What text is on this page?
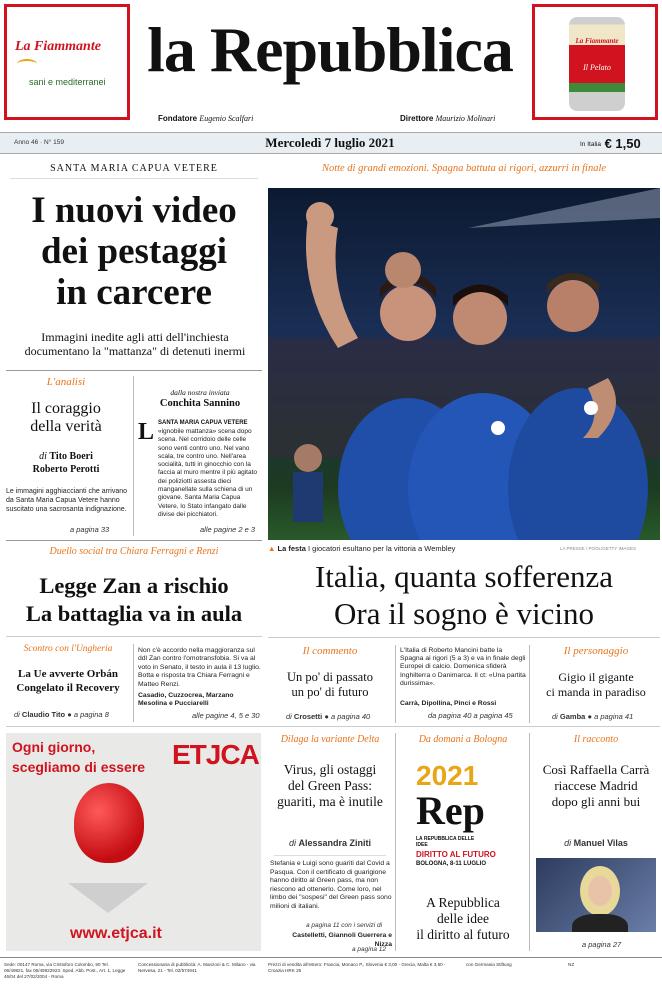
La Fiammante
sani e mediterranei la Repubblica
Fondatore Eugenio Scalfari	Direttore Maurizio Molinari
La Fiammante
Il Pelato
Anno 46 · N° 159	Mercoledì 7 luglio 2021	In Italia € 1,50
SANTA MARIA CAPUA VETERE
I nuovi video
dei pestaggi
in carcere
Immagini inedite agli atti dell'inchiesta documentano la "mattanza" di detenuti inermi
L'analisi
Il coraggio
della verità
di Tito Boeri
Roberto Perotti
Le immagini agghiaccianti che arrivano da Santa Maria Capua Vetere hanno suscitato una sacrosanta indignazione.
a pagina 33
dalla nostra inviata
Conchita Sannino
L SANTA MARIA CAPUA VETERE
«ignobile mattanza» scena dopo scena. Nel corridoio delle celle sono venti contro uno. Nel vano scala, tre contro uno. Nell'area socialità, tutti in ginocchio con la faccia al muro mentre il più agitato dei poliziotti assesta dieci manganellate sulla schiena di un giovane. Santa Maria Capua Vetere, lo Stato infangato dalle divise dei picchiatori.
alle pagine 2 e 3
Duello social tra Chiara Ferragni e Renzi
Legge Zan a rischio
La battaglia va in aula
Scontro con l'Ungheria
La Ue avverte Orbán
Congelato il Recovery
di Claudio Tito ● a pagina 8
Non c'è accordo nella maggioranza sul ddl Zan contro l'omotransfobia. Si va al voto in Senato, il testo in aula il 13 luglio. Botta e risposta tra Chiara Ferragni e Matteo Renzi.
Casadio, Cuzzocrea, Marzano Mesolina e Pucciarelli
alle pagine 4, 5 e 30
Notte di grandi emozioni. Spagna battuta ai rigori, azzurri in finale
▲ La festa I giocatori esultano per la vittoria a Wembley	LA PRESSE / POOL/GETTY IMAGES
Italia, quanta sofferenza
Ora il sogno è vicino
Il commento
Un po' di passato
un po' di futuro
di Crosetti ● a pagina 40
L'Italia di Roberto Mancini batte la Spagna ai rigori (5 a 3) e va in finale degli Europei di calcio. Domenica sfiderà Inghilterra o Danimarca. Il ct: «Una partita durissima».
Carrà, Dipollina, Pinci e Rossi
da pagina 40 a pagina 45
Il personaggio
Gigio il gigante
ci manda in paradiso
di Gamba ● a pagina 41
Ogni giorno,
scegliamo di essere ETJCA
www.etjca.it
Dilaga la variante Delta
Virus, gli ostaggi
del Green Pass:
guariti, ma è inutile
di Alessandra Ziniti
Stefania e Luigi sono guariti dal Covid a Pasqua. Con il certificato di guarigione hanno diritto al Green pass, ma non riescono ad ottenerlo. Come loro, nel limbo dei "sospesi" del Green pass sono milioni di italiani.
a pagina 11 con i servizi di
Castelletti, Giannoli Guerrera e Nizza
a pagina 12
Da domani a Bologna
2021
Rep
LA REPUBBLICA DELLE IDEE
DIRITTO AL FUTURO
BOLOGNA, 8-11 LUGLIO
A Repubblica
delle idee
il diritto al futuro
Il racconto
Così Raffaella Carrà
riaccese Madrid
dopo gli anni bui
di Manuel Vilas
a pagina 27
Sede: 00147 Roma, via Cristoforo Colombo, 90 Tel. 06/49821, fax 06/49822923. Sped. Abb. Post., Art. 1, Legge 46/04 del 27/02/2004 - Roma
Concessionaria di pubblicità: A. Manzoni & C. Milano - via Nervesa, 21 - Tel. 02/574941
Prezzi di vendita all'estero: Francia, Monaco P., Slovenia € 3,00 - Grecia, Malta € 3,50 - Croazia HRK 25
con Germania Stiftung	NZ
